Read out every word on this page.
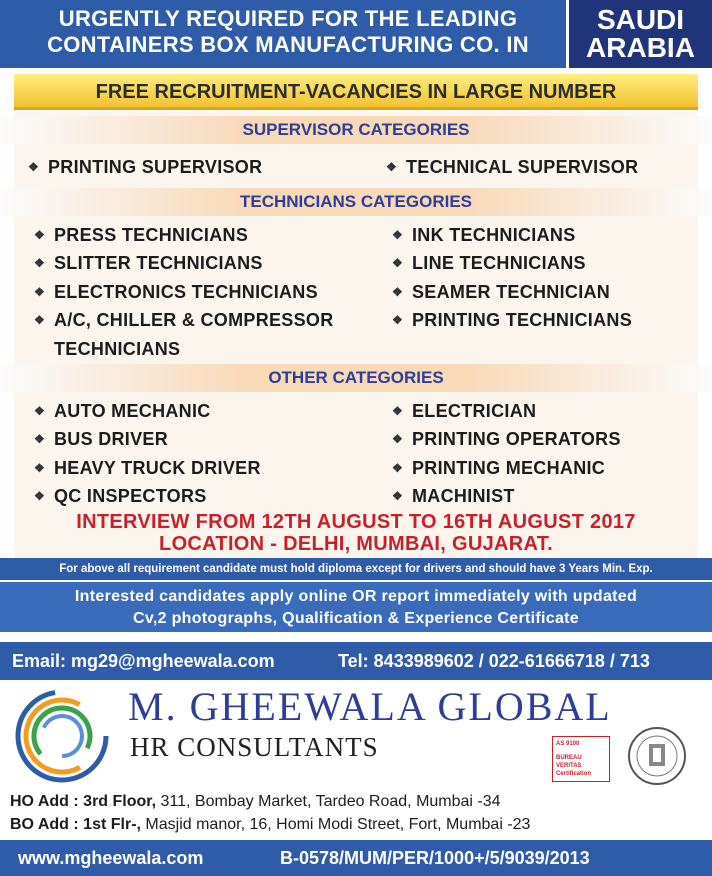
URGENTLY REQUIRED FOR THE LEADING
CONTAINERS BOX MANUFACTURING CO. IN
SAUDI
ARABIA
FREE RECRUITMENT-VACANCIES IN LARGE NUMBER
SUPERVISOR CATEGORIES
❖ PRINTING SUPERVISOR	❖ TECHNICAL SUPERVISOR
TECHNICIANS CATEGORIES
❖ PRESS TECHNICIANS
❖ SLITTER TECHNICIANS
❖ ELECTRONICS TECHNICIANS
❖ A/C, CHILLER & COMPRESSOR
TECHNICIANS
❖ INK TECHNICIANS
❖ LINE TECHNICIANS
❖ SEAMER TECHNICIAN
❖ PRINTING TECHNICIANS
OTHER CATEGORIES
❖ AUTO MECHANIC
❖ BUS DRIVER
❖ HEAVY TRUCK DRIVER
❖ QC INSPECTORS
❖ ELECTRICIAN
❖ PRINTING OPERATORS
❖ PRINTING MECHANIC
❖ MACHINIST
INTERVIEW FROM 12TH AUGUST TO 16TH AUGUST 2017
LOCATION - DELHI, MUMBAI, GUJARAT.
For above all requirement candidate must hold diploma except for drivers and should have 3 Years Min. Exp.
Interested candidates apply online OR report immediately with updated
Cv,2 photographs, Qualification & Experience Certificate
Email: mg29@mgheewala.com	Tel: 8433989602 / 022-61666718 / 713
M. GHEEWALA GLOBAL
HR CONSULTANTS	AS 9100
BUREAU VERITAS
Certification
HO Add : 3rd Floor, 311, Bombay Market, Tardeo Road, Mumbai -34
BO Add : 1st Flr-, Masjid manor, 16, Homi Modi Street, Fort, Mumbai -23
www.mgheewala.com	B-0578/MUM/PER/1000+/5/9039/2013
